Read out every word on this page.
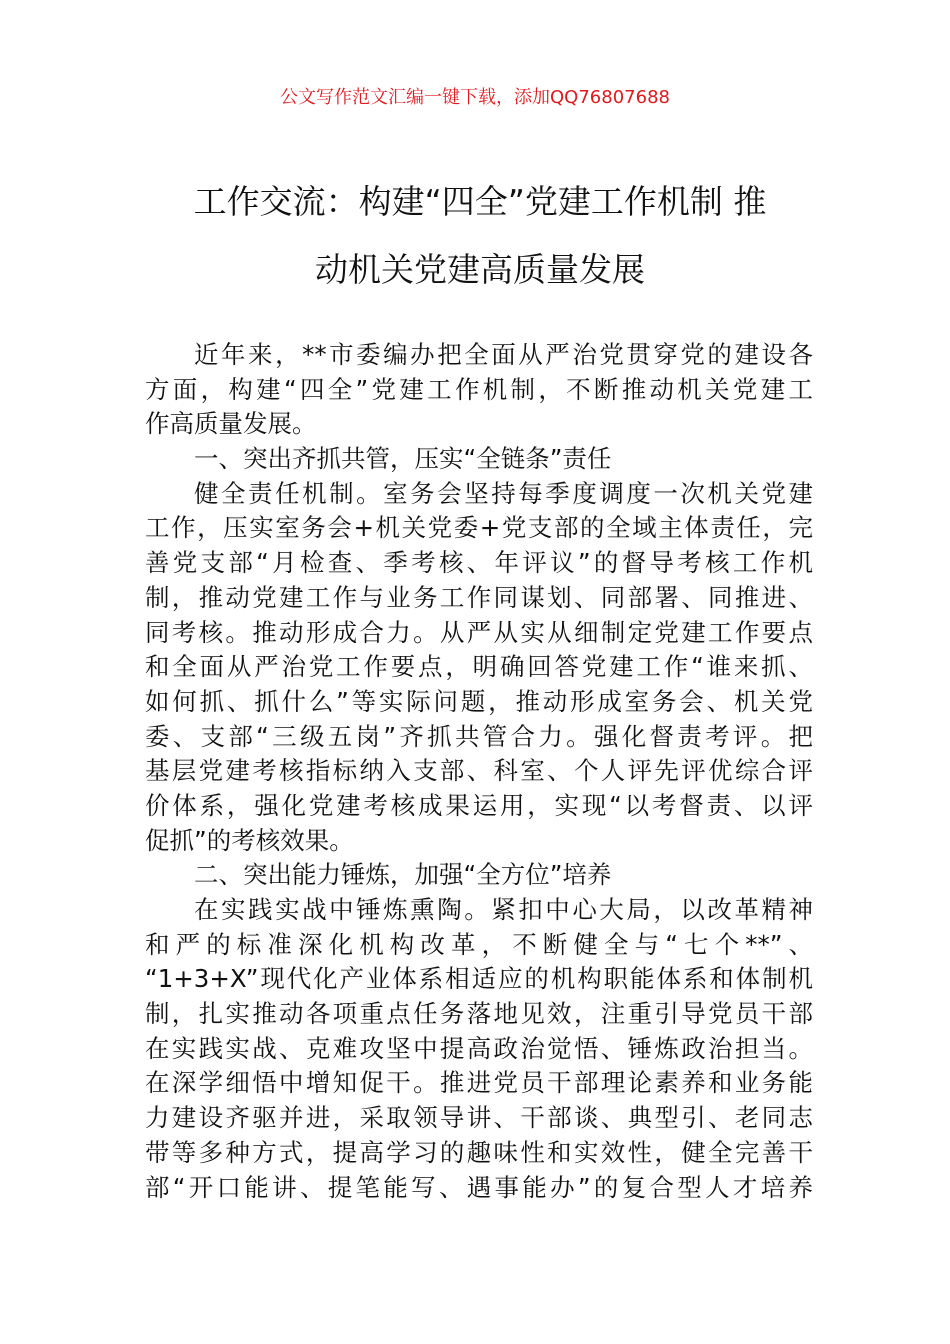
公文写作范文汇编一键下载，添加QQ76807688
工作交流：构建“四全”党建工作机制 推
动机关党建高质量发展
近年来，**市委编办把全面从严治党贯穿党的建设各
方面，构建“四全”党建工作机制，不断推动机关党建工
作高质量发展。
一、突出齐抓共管，压实“全链条”责任
健全责任机制。室务会坚持每季度调度一次机关党建
工作，压实室务会+机关党委+党支部的全域主体责任，完
善党支部“月检查、季考核、年评议”的督导考核工作机
制，推动党建工作与业务工作同谋划、同部署、同推进、
同考核。推动形成合力。从严从实从细制定党建工作要点
和全面从严治党工作要点，明确回答党建工作“谁来抓、
如何抓、抓什么”等实际问题，推动形成室务会、机关党
委、支部“三级五岗”齐抓共管合力。强化督责考评。把
基层党建考核指标纳入支部、科室、个人评先评优综合评
价体系，强化党建考核成果运用，实现“以考督责、以评
促抓”的考核效果。
二、突出能力锤炼，加强“全方位”培养
在实践实战中锤炼熏陶。紧扣中心大局，以改革精神
和严的标准深化机构改革，不断健全与“七个**”、
“1+3+X”现代化产业体系相适应的机构职能体系和体制机
制，扎实推动各项重点任务落地见效，注重引导党员干部
在实践实战、克难攻坚中提高政治觉悟、锤炼政治担当。
在深学细悟中增知促干。推进党员干部理论素养和业务能
力建设齐驱并进，采取领导讲、干部谈、典型引、老同志
带等多种方式，提高学习的趣味性和实效性，健全完善干
部“开口能讲、提笔能写、遇事能办”的复合型人才培养
